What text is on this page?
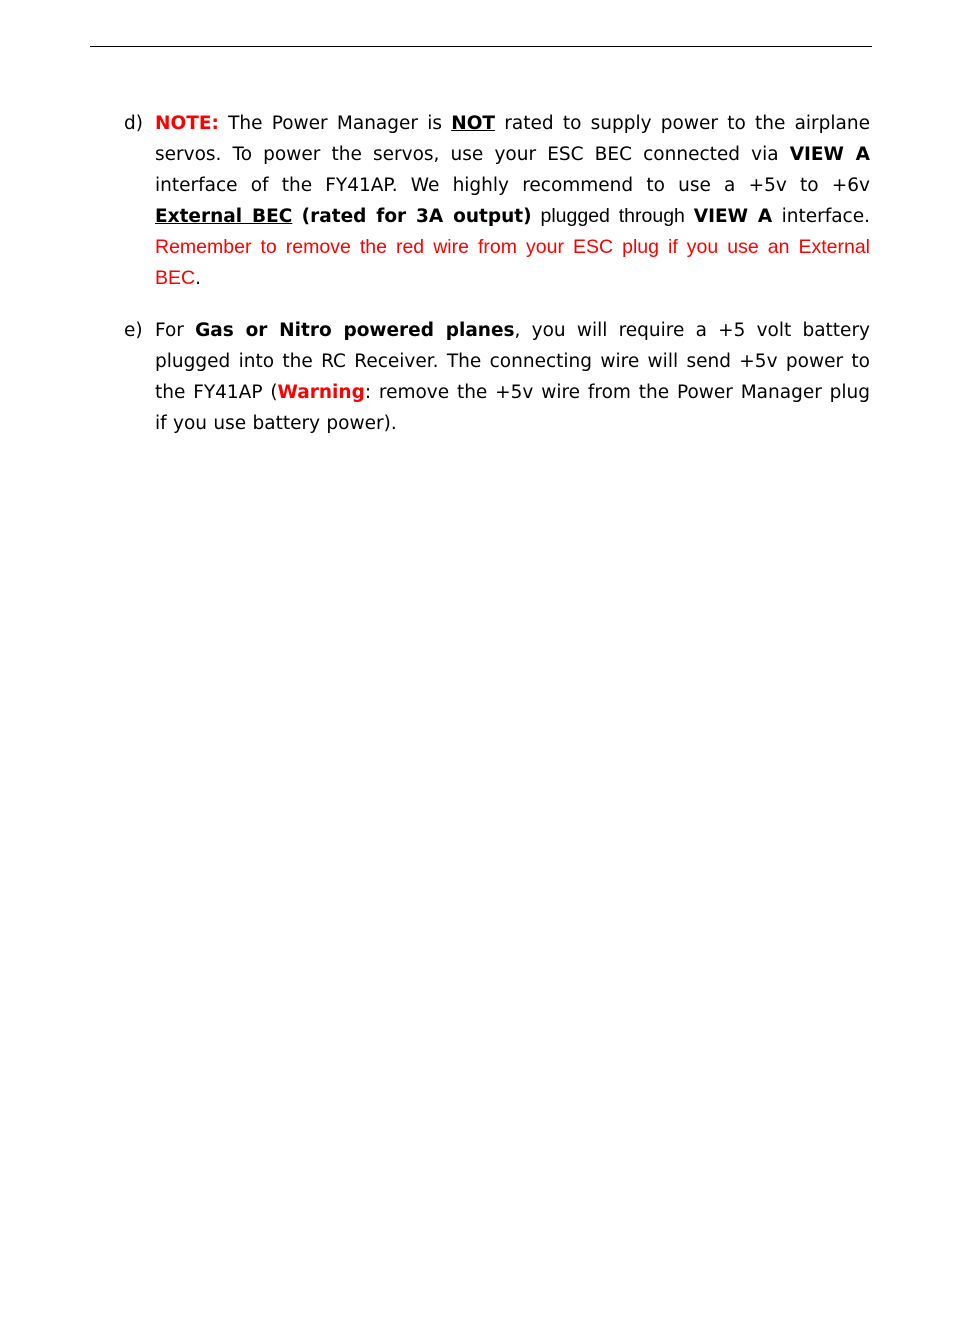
d) NOTE: The Power Manager is NOT rated to supply power to the airplane servos. To power the servos, use your ESC BEC connected via VIEW A interface of the FY41AP. We highly recommend to use a +5v to +6v External BEC (rated for 3A output) plugged through VIEW A interface. Remember to remove the red wire from your ESC plug if you use an External BEC.
e) For Gas or Nitro powered planes, you will require a +5 volt battery plugged into the RC Receiver. The connecting wire will send +5v power to the FY41AP (Warning: remove the +5v wire from the Power Manager plug if you use battery power).
